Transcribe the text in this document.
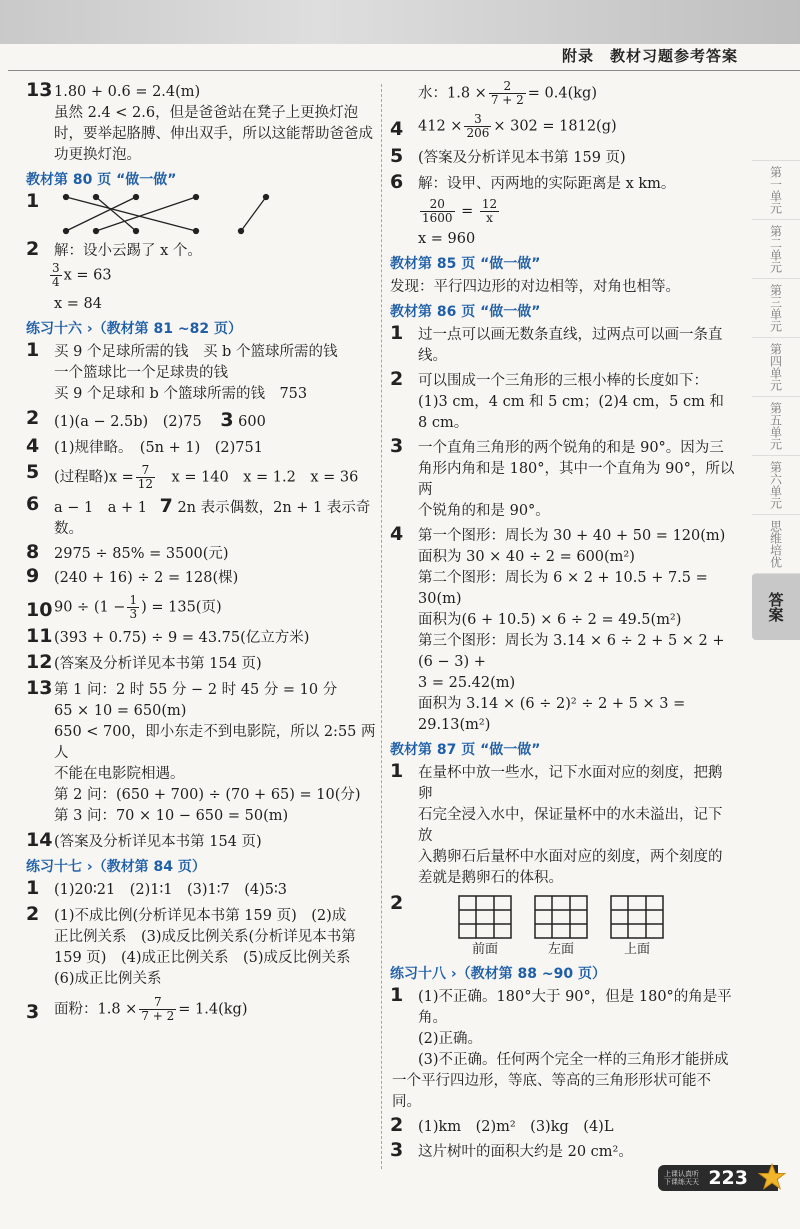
附录　教材习题参考答案
13 1.80 + 0.6 = 2.4(m)

虽然 2.4 < 2.6，但是爸爸站在凳子上更换灯泡

时，要举起胳膊、伸出双手，所以这能帮助爸爸成

功更换灯泡。

教材第 80 页 “做一做”
1
2 解：设小云踢了 x 个。

$\frac{3}{4}$ x = 63

x = 84

练习十六 ›（教材第 81 ~82 页）
1 买 9 个足球所需的钱　买 b 个篮球所需的钱

一个篮球比一个足球贵的钱

买 9 个足球和 b 个篮球所需的钱　753

2 (1)(a − 2.5b)　(2)75 3 600
4 (1)规律略。　(5n + 1)　(2)751
5 (过程略)$x = \frac{7}{12}$ 　x = 140　x = 1.2　x = 36
6 a − 1　a + 1 7 2n 表示偶数，2n + 1 表示奇数。
8 2975 ÷ 85% = 3500(元)
9 (240 + 16) ÷ 2 = 128(棵)
10 $90 \div (1 - \frac{1}{3}$ ) = 135(页)
11 (393 + 0.75) ÷ 9 = 43.75(亿立方米)
12 (答案及分析详见本书第 154 页)
13 第 1 问：2 时 55 分 − 2 时 45 分 = 10 分

65 × 10 = 650(m)

650 < 700，即小东走不到电影院，所以 2:55 两人

不能在电影院相遇。

第 2 问：(650 + 700) ÷ (70 + 65) = 10(分)

第 3 问：70 × 10 − 650 = 50(m)

14 (答案及分析详见本书第 154 页)
练习十七 ›（教材第 84 页）
1 (1)20∶21　(2)1∶1　(3)1∶7　(4)5∶3
2 (1)不成比例(分析详见本书第 159 页)　(2)成

正比例关系　(3)成反比例关系(分析详见本书第

159 页)　(4)成正比例关系　(5)成反比例关系

(6)成正比例关系

3 面粉：$1.8 \times \frac{7}{7 + 2} = 1.4(kg)$
水：$1.8 \times \frac{2}{7 + 2} = 0.4(kg)$
4 $412 \times \frac{3}{206} \times 302 = 1812(g)$
5 (答案及分析详见本书第 159 页)
6 解：设甲、丙两地的实际距离是 x km。

$\frac{20}{1600} = \frac{12}{x}$

x = 960

教材第 85 页 “做一做”

发现：平行四边形的对边相等，对角也相等。

教材第 86 页 “做一做”
1 过一点可以画无数条直线，过两点可以画一条直线。
2 可以围成一个三角形的三根小棒的长度如下：

(1)3 cm，4 cm 和 5 cm；(2)4 cm，5 cm 和 8 cm。

3 一个直角三角形的两个锐角的和是 90°。因为三

角形内角和是 180°，其中一个直角为 90°，所以两

个锐角的和是 90°。

4 第一个图形：周长为 30 + 40 + 50 = 120(m)

面积为 30 × 40 ÷ 2 = 600(m²)

第二个图形：周长为 6 × 2 + 10.5 + 7.5 = 30(m)

面积为(6 + 10.5) × 6 ÷ 2 = 49.5(m²)

第三个图形：周长为 3.14 × 6 ÷ 2 + 5 × 2 + (6 − 3) +

3 = 25.42(m)

面积为 3.14 × (6 ÷ 2)² ÷ 2 + 5 × 3 = 29.13(m²)

教材第 87 页 “做一做”
1 在量杯中放一些水，记下水面对应的刻度，把鹅卵

石完全浸入水中，保证量杯中的水未溢出，记下放

入鹅卵石后量杯中水面对应的刻度，两个刻度的

差就是鹅卵石的体积。

2
前面	左面	上面
练习十八 ›（教材第 88 ~90 页）
1 (1)不正确。180°大于 90°，但是 180°的角是平角。

(2)正确。

(3)不正确。任何两个完全一样的三角形才能拼成

一个平行四边形，等底、等高的三角形形状可能不同。

2 (1)km　(2)m²　(3)kg　(4)L
3 这片树叶的面积大约是 20 cm²。
第一单元
第二单元
第三单元
第四单元
第五单元
第六单元
思维培优
答案
上课认真听
下课练天天 223
